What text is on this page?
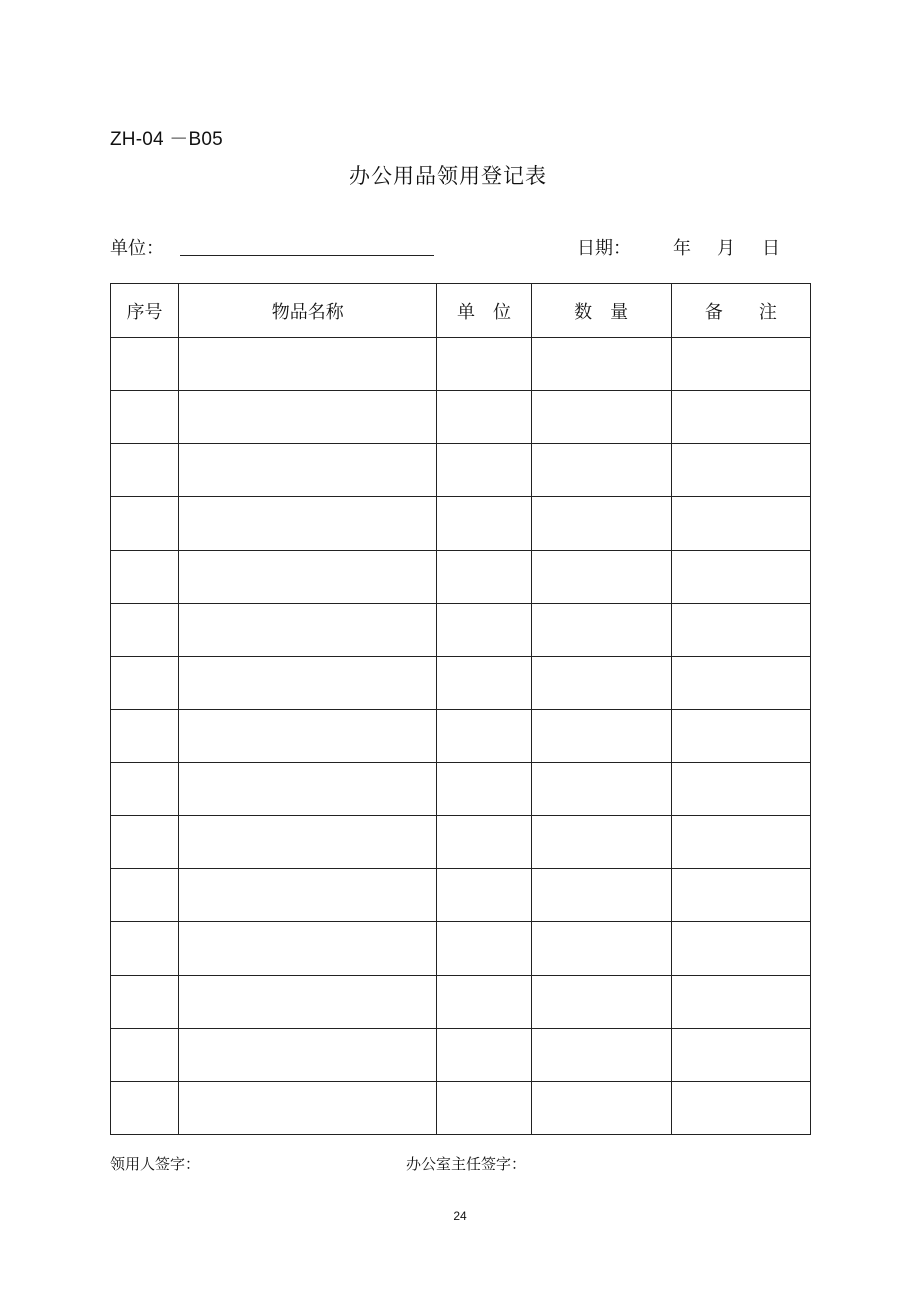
ZH-04 －B05
办公用品领用登记表
单位：	日期： 年 月 日
序号	物品名称	单　位	数　量	备　　注

领用人签字：	办公室主任签字：
24
